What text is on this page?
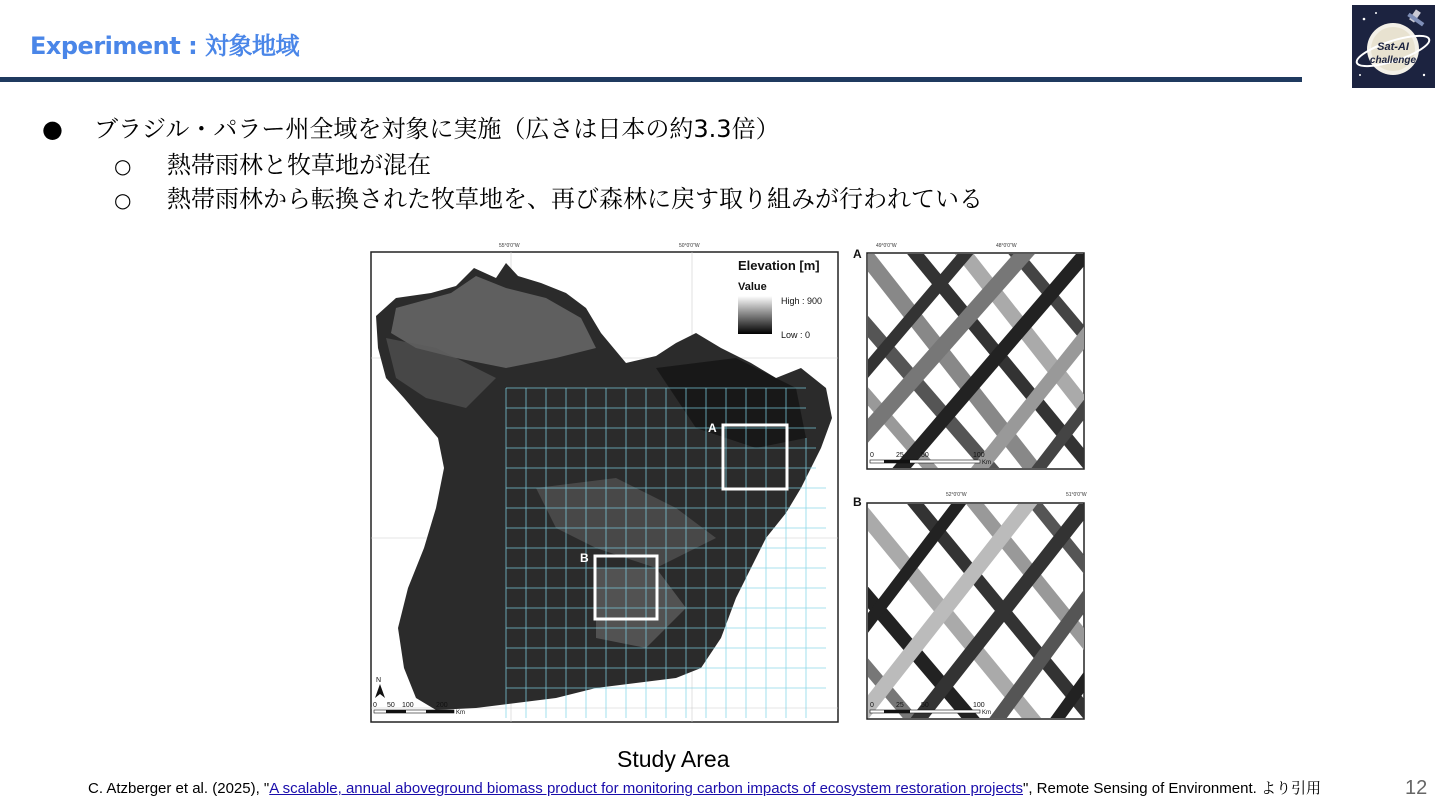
Experiment : 対象地域	Sat-AI
challenge
● ブラジル・パラー州全域を対象に実施（広さは日本の約3.3倍）
○ 熱帯雨林と牧草地が混在
○ 熱帯雨林から転換された牧草地を、再び森林に戻す取り組みが行われている
A
B
Elevation [m]
Value
High : 900
Low : 0
55°0'0"W	50°0'0"W
N
0 50 100	200
Km
A
49°0'0"W	48°0'0"W
0	25 50	100
Km
B	52°0'0"W	51°0'0"W
0	25 50	100
Km
Study Area
C. Atzberger et al. (2025), "A scalable, annual aboveground biomass product for monitoring carbon impacts of ecosystem restoration projects", Remote Sensing of Environment. より引用	12
